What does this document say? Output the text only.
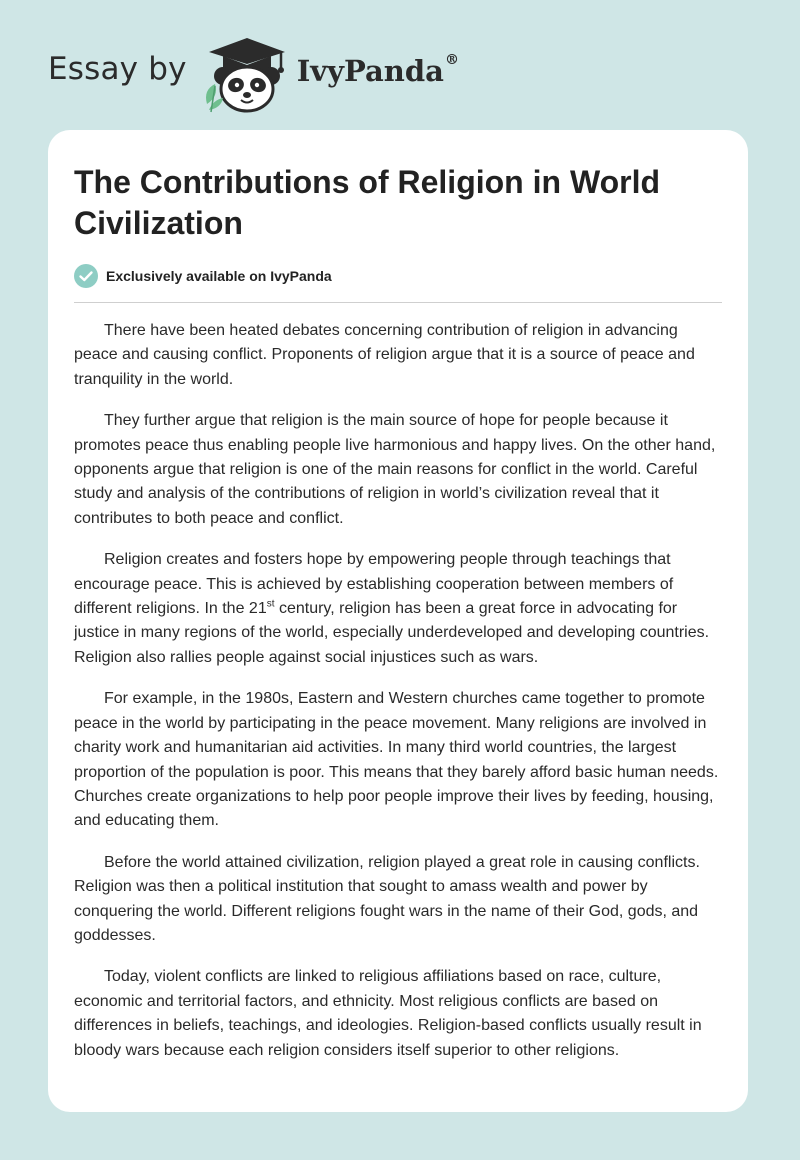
Essay by	IvyPanda®
The Contributions of Religion in World Civilization
Exclusively available on IvyPanda

There have been heated debates concerning contribution of religion in advancing peace and causing conflict. Proponents of religion argue that it is a source of peace and tranquility in the world.

They further argue that religion is the main source of hope for people because it promotes peace thus enabling people live harmonious and happy lives. On the other hand, opponents argue that religion is one of the main reasons for conflict in the world. Careful study and analysis of the contributions of religion in world’s civilization reveal that it contributes to both peace and conflict.

Religion creates and fosters hope by empowering people through teachings that encourage peace. This is achieved by establishing cooperation between members of different religions. In the 21st century, religion has been a great force in advocating for justice in many regions of the world, especially underdeveloped and developing countries. Religion also rallies people against social injustices such as wars.

For example, in the 1980s, Eastern and Western churches came together to promote peace in the world by participating in the peace movement. Many religions are involved in charity work and humanitarian aid activities. In many third world countries, the largest proportion of the population is poor. This means that they barely afford basic human needs. Churches create organizations to help poor people improve their lives by feeding, housing, and educating them.

Before the world attained civilization, religion played a great role in causing conflicts. Religion was then a political institution that sought to amass wealth and power by conquering the world. Different religions fought wars in the name of their God, gods, and goddesses.

Today, violent conflicts are linked to religious affiliations based on race, culture, economic and territorial factors, and ethnicity. Most religious conflicts are based on differences in beliefs, teachings, and ideologies. Religion-based conflicts usually result in bloody wars because each religion considers itself superior to other religions.
